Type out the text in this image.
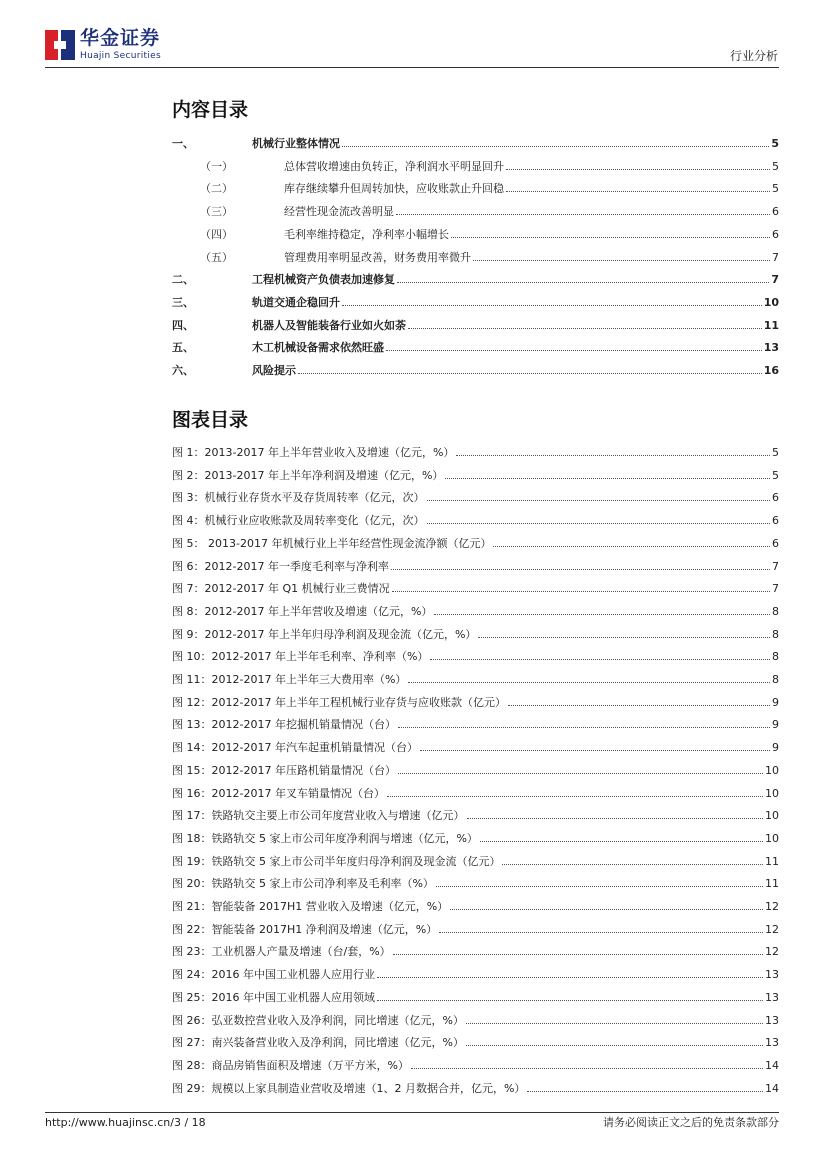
华金证券
Huajin Securities	行业分析
内容目录
一、	机械行业整体情况	5
（一）	总体营收增速由负转正，净利润水平明显回升	5
（二）	库存继续攀升但周转加快，应收账款止升回稳	5
（三）	经营性现金流改善明显	6
（四）	毛利率维持稳定，净利率小幅增长	6
（五）	管理费用率明显改善，财务费用率微升	7
二、	工程机械资产负债表加速修复	7
三、	轨道交通企稳回升	10
四、	机器人及智能装备行业如火如荼	11
五、	木工机械设备需求依然旺盛	13
六、	风险提示	16
图表目录
图 1：2013-2017 年上半年营业收入及增速（亿元，%）	5
图 2：2013-2017 年上半年净利润及增速（亿元，%）	5
图 3：机械行业存货水平及存货周转率（亿元，次）	6
图 4：机械行业应收账款及周转率变化（亿元，次）	6
图 5： 2013-2017 年机械行业上半年经营性现金流净额（亿元）	6
图 6：2012-2017 年一季度毛利率与净利率	7
图 7：2012-2017 年 Q1 机械行业三费情况	7
图 8：2012-2017 年上半年营收及增速（亿元，%）	8
图 9：2012-2017 年上半年归母净利润及现金流（亿元，%）	8
图 10：2012-2017 年上半年毛利率、净利率（%）	8
图 11：2012-2017 年上半年三大费用率（%）	8
图 12：2012-2017 年上半年工程机械行业存货与应收账款（亿元）	9
图 13：2012-2017 年挖掘机销量情况（台）	9
图 14：2012-2017 年汽车起重机销量情况（台）	9
图 15：2012-2017 年压路机销量情况（台）	10
图 16：2012-2017 年叉车销量情况（台）	10
图 17：铁路轨交主要上市公司年度营业收入与增速（亿元）	10
图 18：铁路轨交 5 家上市公司年度净利润与增速（亿元，%）	10
图 19：铁路轨交 5 家上市公司半年度归母净利润及现金流（亿元）	11
图 20：铁路轨交 5 家上市公司净利率及毛利率（%）	11
图 21：智能装备 2017H1 营业收入及增速（亿元，%）	12
图 22：智能装备 2017H1 净利润及增速（亿元，%）	12
图 23：工业机器人产量及增速（台/套，%）	12
图 24：2016 年中国工业机器人应用行业	13
图 25：2016 年中国工业机器人应用领域	13
图 26：弘亚数控营业收入及净利润，同比增速（亿元，%）	13
图 27：南兴装备营业收入及净利润，同比增速（亿元，%）	13
图 28：商品房销售面积及增速（万平方米，%）	14
图 29：规模以上家具制造业营收及增速（1、2 月数据合并，亿元，%）	14
http://www.huajinsc.cn/3 / 18	请务必阅读正文之后的免责条款部分
